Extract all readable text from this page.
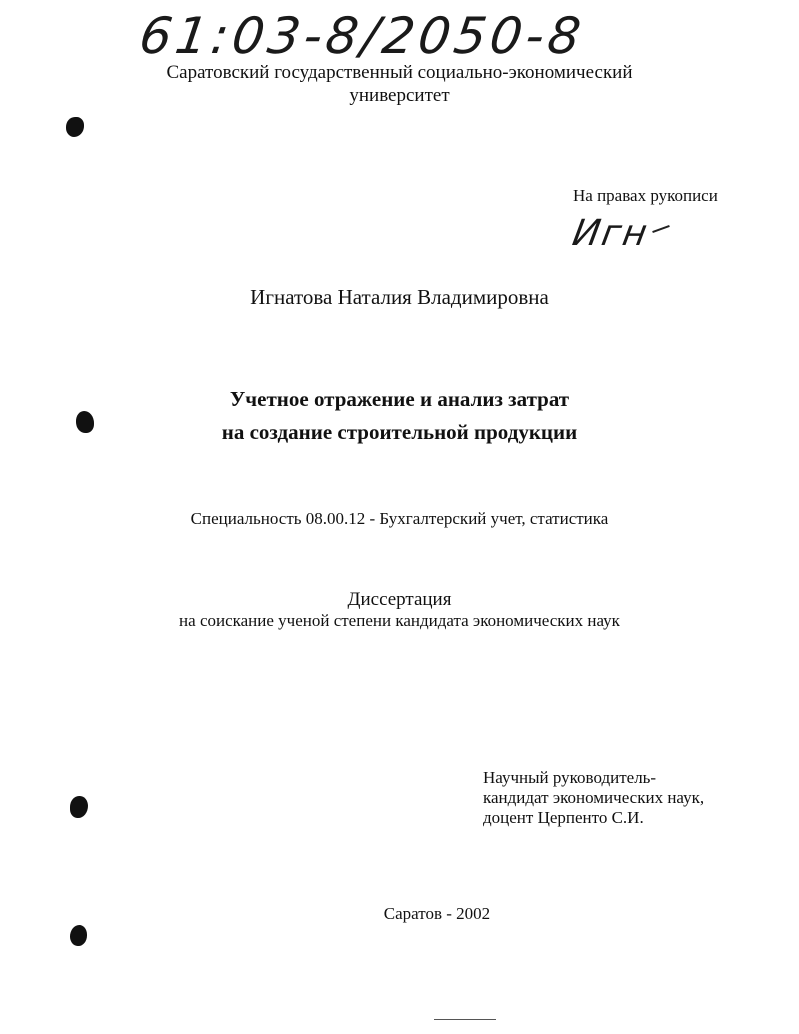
61:03-8/2050-8
Саратовский государственный социально-экономический
университет
На правах рукописи
Игн
Игнатова Наталия Владимировна
Учетное отражение и анализ затрат
на создание строительной продукции
Специальность 08.00.12 - Бухгалтерский учет, статистика
Диссертация
на соискание ученой степени кандидата экономических наук
Научный руководитель-
кандидат экономических наук,
доцент Церпенто С.И.
Саратов - 2002
